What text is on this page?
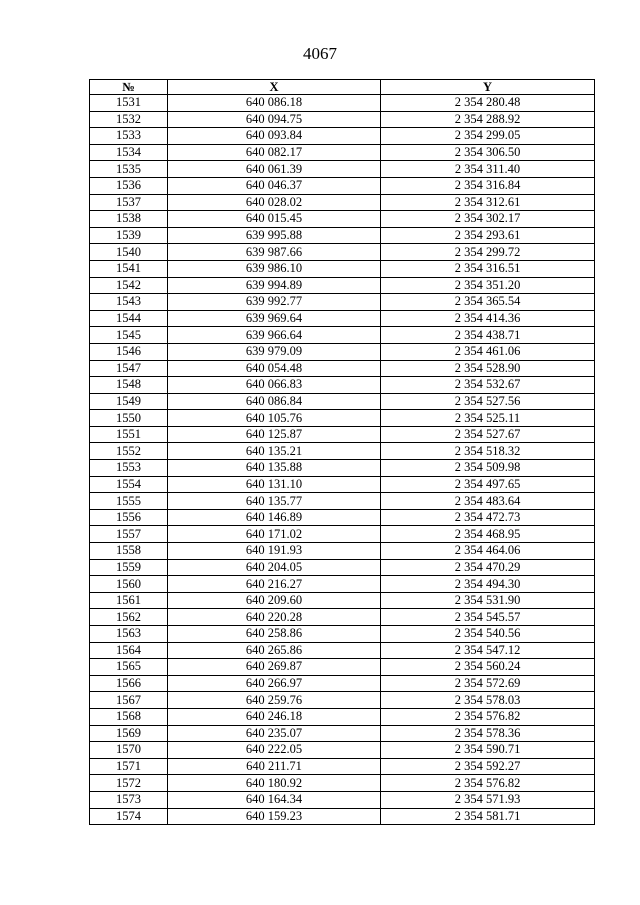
4067
№	X	Y
1531	640 086.18	2 354 280.48
1532	640 094.75	2 354 288.92
1533	640 093.84	2 354 299.05
1534	640 082.17	2 354 306.50
1535	640 061.39	2 354 311.40
1536	640 046.37	2 354 316.84
1537	640 028.02	2 354 312.61
1538	640 015.45	2 354 302.17
1539	639 995.88	2 354 293.61
1540	639 987.66	2 354 299.72
1541	639 986.10	2 354 316.51
1542	639 994.89	2 354 351.20
1543	639 992.77	2 354 365.54
1544	639 969.64	2 354 414.36
1545	639 966.64	2 354 438.71
1546	639 979.09	2 354 461.06
1547	640 054.48	2 354 528.90
1548	640 066.83	2 354 532.67
1549	640 086.84	2 354 527.56
1550	640 105.76	2 354 525.11
1551	640 125.87	2 354 527.67
1552	640 135.21	2 354 518.32
1553	640 135.88	2 354 509.98
1554	640 131.10	2 354 497.65
1555	640 135.77	2 354 483.64
1556	640 146.89	2 354 472.73
1557	640 171.02	2 354 468.95
1558	640 191.93	2 354 464.06
1559	640 204.05	2 354 470.29
1560	640 216.27	2 354 494.30
1561	640 209.60	2 354 531.90
1562	640 220.28	2 354 545.57
1563	640 258.86	2 354 540.56
1564	640 265.86	2 354 547.12
1565	640 269.87	2 354 560.24
1566	640 266.97	2 354 572.69
1567	640 259.76	2 354 578.03
1568	640 246.18	2 354 576.82
1569	640 235.07	2 354 578.36
1570	640 222.05	2 354 590.71
1571	640 211.71	2 354 592.27
1572	640 180.92	2 354 576.82
1573	640 164.34	2 354 571.93
1574	640 159.23	2 354 581.71
